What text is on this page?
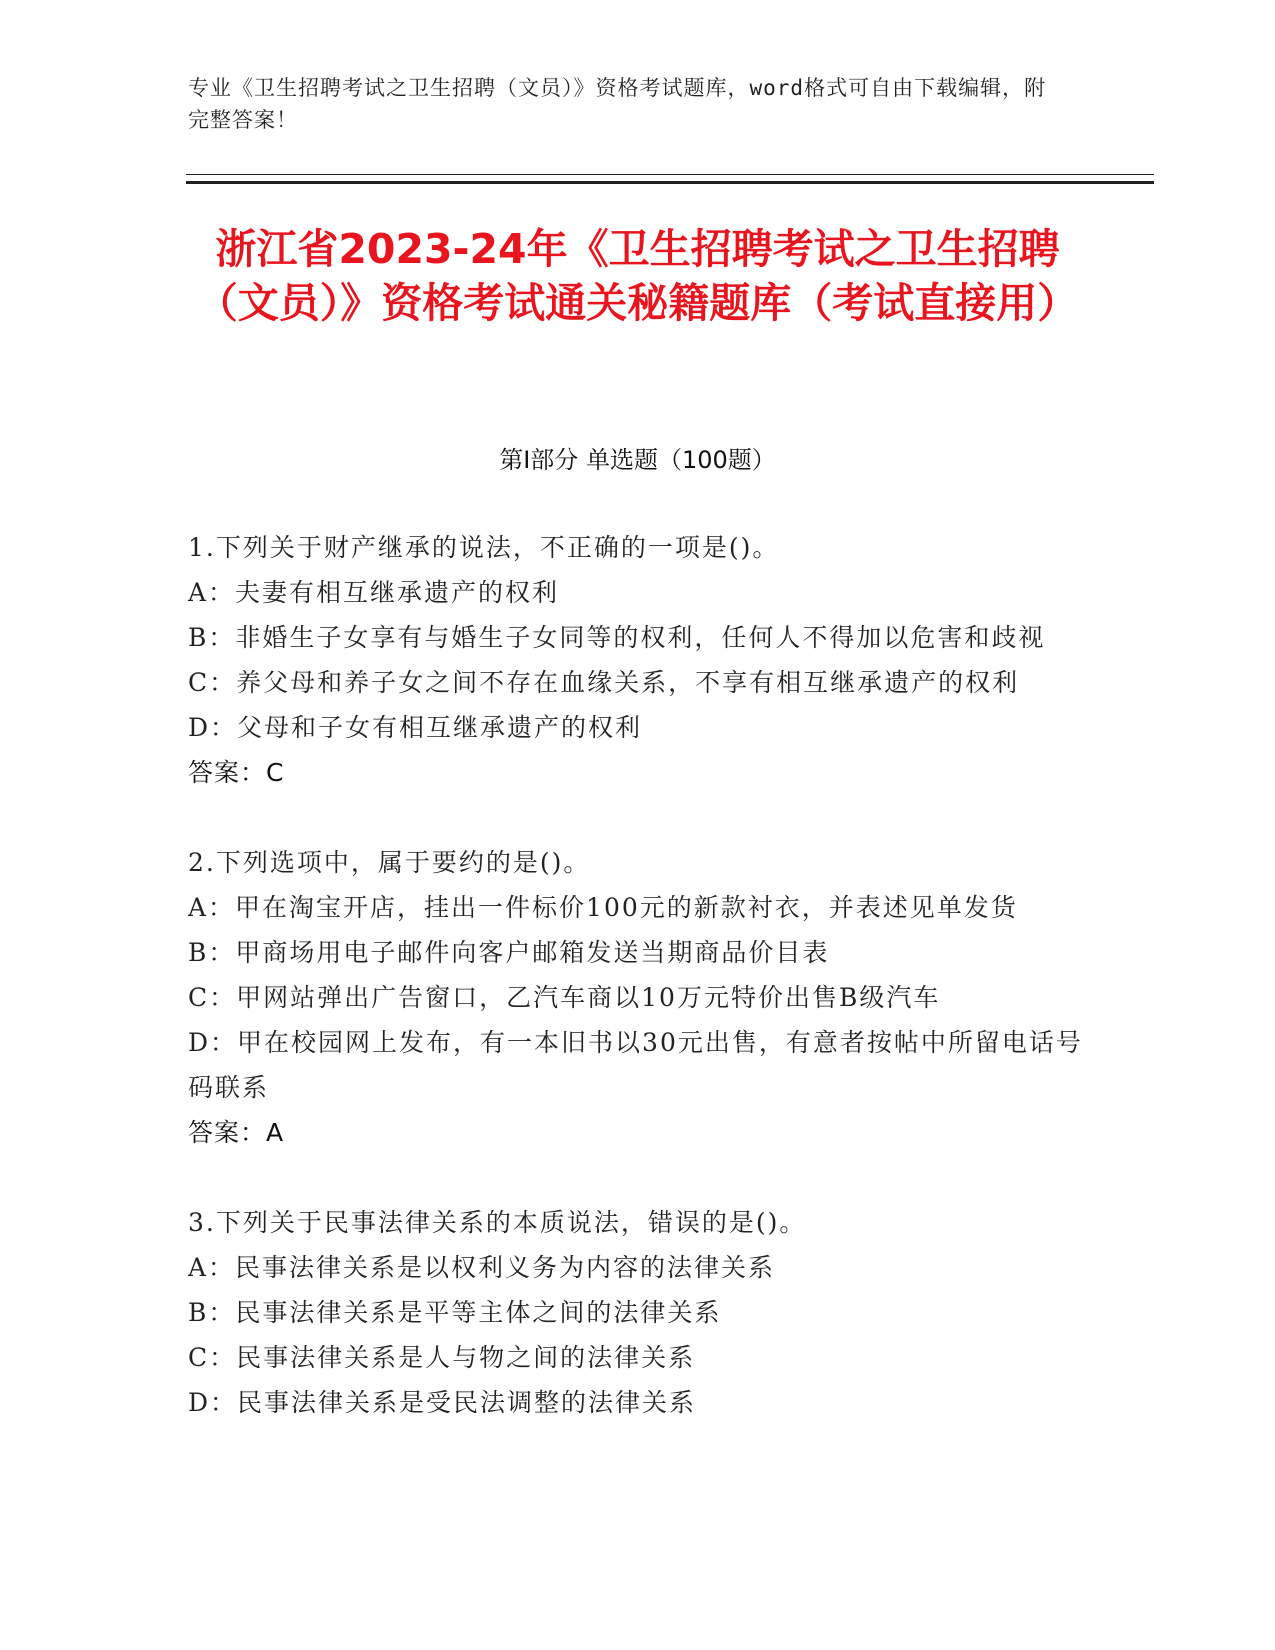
专业《卫生招聘考试之卫生招聘（文员）》资格考试题库，word格式可自由下载编辑，附完整答案！
浙江省2023-24年《卫生招聘考试之卫生招聘（文员）》资格考试通关秘籍题库（考试直接用）
第I部分 单选题（100题）

1.下列关于财产继承的说法，不正确的一项是()。

A：夫妻有相互继承遗产的权利

B：非婚生子女享有与婚生子女同等的权利，任何人不得加以危害和歧视

C：养父母和养子女之间不存在血缘关系，不享有相互继承遗产的权利

D：父母和子女有相互继承遗产的权利

答案：C

2.下列选项中，属于要约的是()。

A：甲在淘宝开店，挂出一件标价100元的新款衬衣，并表述见单发货

B：甲商场用电子邮件向客户邮箱发送当期商品价目表

C：甲网站弹出广告窗口，乙汽车商以10万元特价出售B级汽车

D：甲在校园网上发布，有一本旧书以30元出售，有意者按帖中所留电话号码联系

答案：A

3.下列关于民事法律关系的本质说法，错误的是()。

A：民事法律关系是以权利义务为内容的法律关系

B：民事法律关系是平等主体之间的法律关系

C：民事法律关系是人与物之间的法律关系

D：民事法律关系是受民法调整的法律关系
